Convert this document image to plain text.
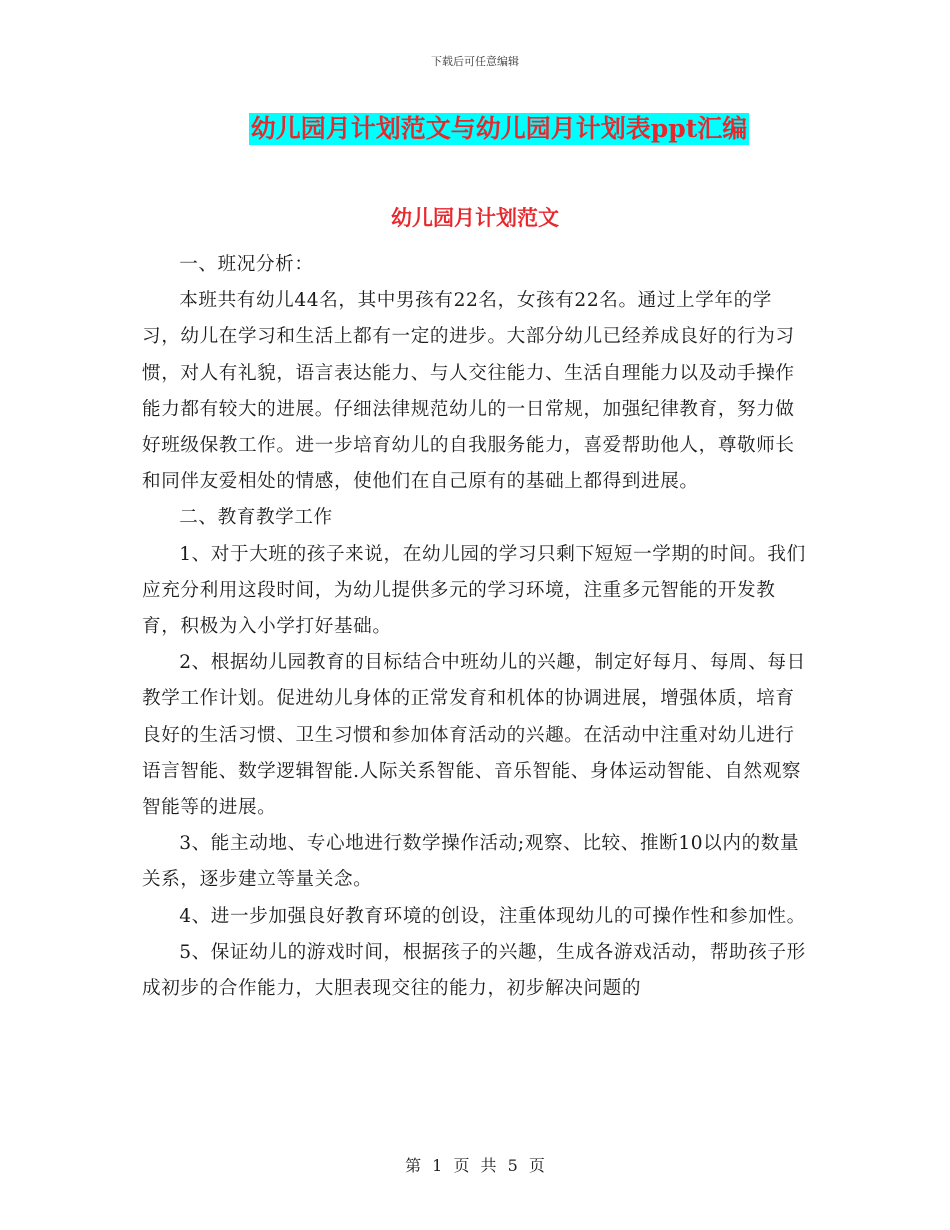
下载后可任意编辑
幼儿园月计划范文与幼儿园月计划表ppt汇编
幼儿园月计划范文

一、班况分析：

本班共有幼儿44名，其中男孩有22名，女孩有22名。通过上学年的学习，幼儿在学习和生活上都有一定的进步。大部分幼儿已经养成良好的行为习惯，对人有礼貌，语言表达能力、与人交往能力、生活自理能力以及动手操作能力都有较大的进展。仔细法律规范幼儿的一日常规，加强纪律教育，努力做好班级保教工作。进一步培育幼儿的自我服务能力，喜爱帮助他人，尊敬师长和同伴友爱相处的情感，使他们在自己原有的基础上都得到进展。

二、教育教学工作

1、对于大班的孩子来说，在幼儿园的学习只剩下短短一学期的时间。我们应充分利用这段时间，为幼儿提供多元的学习环境，注重多元智能的开发教育，积极为入小学打好基础。

2、根据幼儿园教育的目标结合中班幼儿的兴趣，制定好每月、每周、每日教学工作计划。促进幼儿身体的正常发育和机体的协调进展，增强体质，培育良好的生活习惯、卫生习惯和参加体育活动的兴趣。在活动中注重对幼儿进行语言智能、数学逻辑智能.人际关系智能、音乐智能、身体运动智能、自然观察智能等的进展。

3、能主动地、专心地进行数学操作活动;观察、比较、推断10以内的数量关系，逐步建立等量关念。

4、进一步加强良好教育环境的创设，注重体现幼儿的可操作性和参加性。

5、保证幼儿的游戏时间，根据孩子的兴趣，生成各游戏活动，帮助孩子形成初步的合作能力，大胆表现交往的能力，初步解决问题的

第 1 页 共 5 页
